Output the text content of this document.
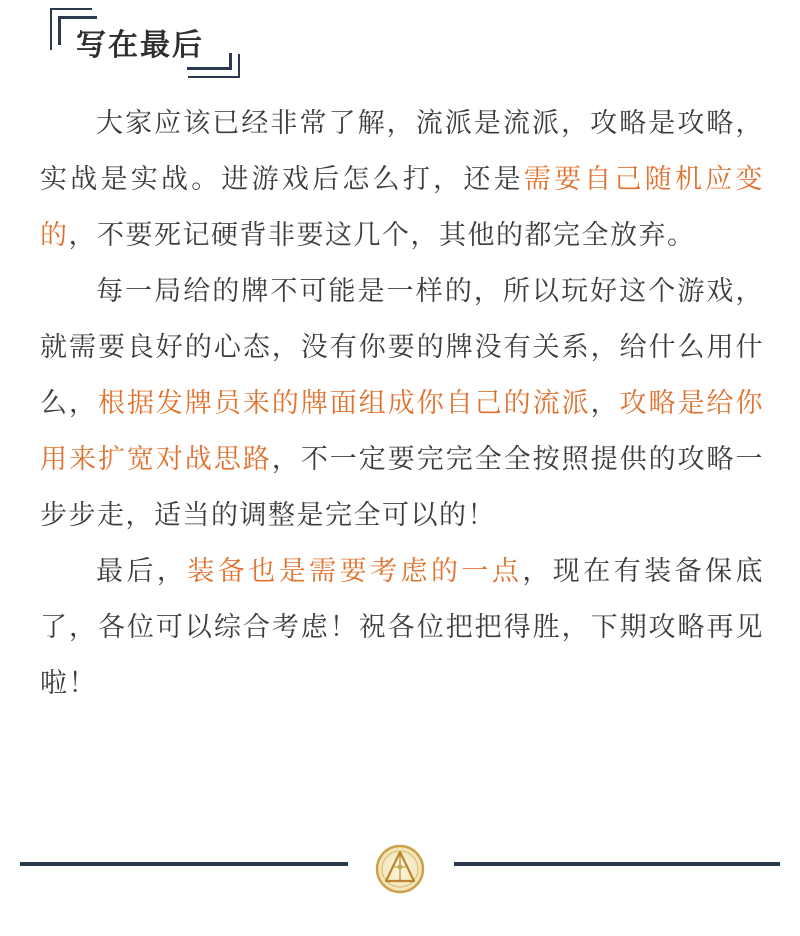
写在最后

大家应该已经非常了解，流派是流派，攻略是攻略，实战是实战。进游戏后怎么打，还是需要自己随机应变的，不要死记硬背非要这几个，其他的都完全放弃。

每一局给的牌不可能是一样的，所以玩好这个游戏，就需要良好的心态，没有你要的牌没有关系，给什么用什么，根据发牌员来的牌面组成你自己的流派，攻略是给你用来扩宽对战思路，不一定要完完全全按照提供的攻略一步步走，适当的调整是完全可以的！

最后，装备也是需要考虑的一点，现在有装备保底了，各位可以综合考虑！祝各位把把得胜，下期攻略再见啦！
